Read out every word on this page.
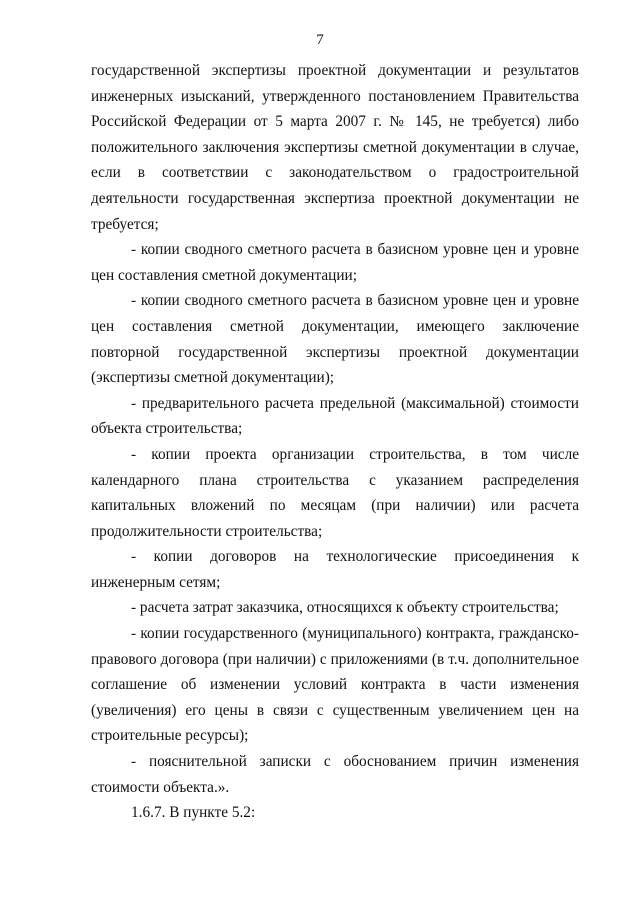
7

государственной экспертизы проектной документации и результатов инженерных изысканий, утвержденного постановлением Правительства Российской Федерации от 5 марта 2007 г. № 145, не требуется) либо положительного заключения экспертизы сметной документации в случае, если в соответствии с законодательством о градостроительной деятельности государственная экспертиза проектной документации не требуется;

- копии сводного сметного расчета в базисном уровне цен и уровне цен составления сметной документации;

- копии сводного сметного расчета в базисном уровне цен и уровне цен составления сметной документации, имеющего заключение повторной государственной экспертизы проектной документации (экспертизы сметной документации);

- предварительного расчета предельной (максимальной) стоимости объекта строительства;

- копии проекта организации строительства, в том числе календарного плана строительства с указанием распределения капитальных вложений по месяцам (при наличии) или расчета продолжительности строительства;

- копии договоров на технологические присоединения к инженерным сетям;

- расчета затрат заказчика, относящихся к объекту строительства;

- копии государственного (муниципального) контракта, гражданско-правового договора (при наличии) с приложениями (в т.ч. дополнительное соглашение об изменении условий контракта в части изменения (увеличения) его цены в связи с существенным увеличением цен на строительные ресурсы);

- пояснительной записки с обоснованием причин изменения стоимости объекта.».

1.6.7. В пункте 5.2:
